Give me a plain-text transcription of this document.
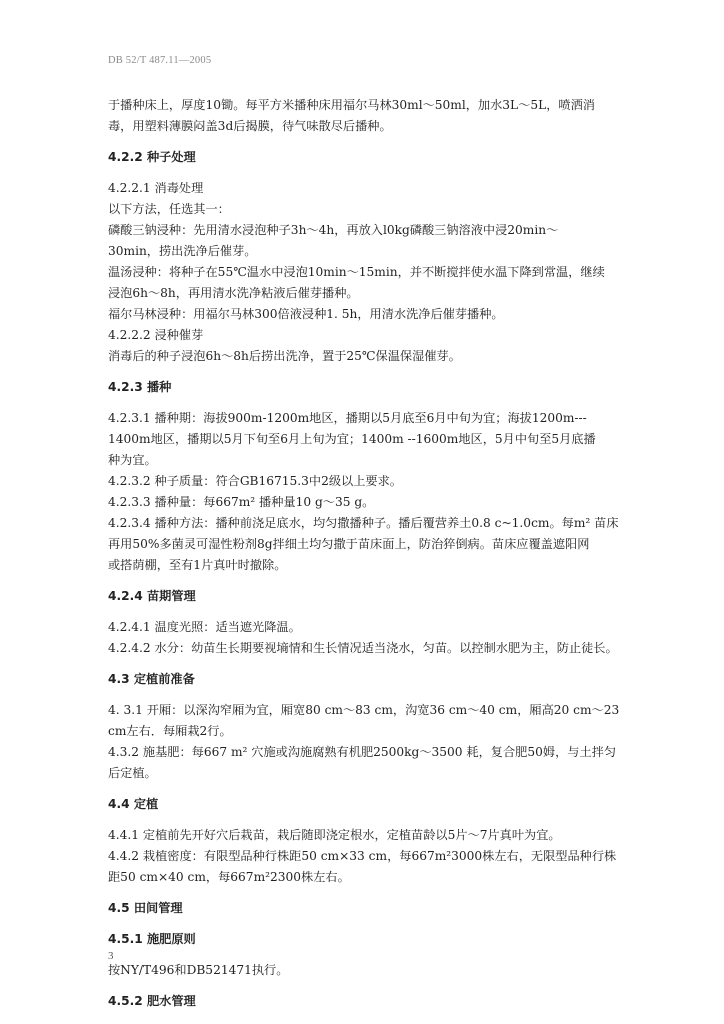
DB 52/T 487.11—2005

于播种床上，厚度10锄。每平方米播种床用福尔马林30ml～50ml，加水3L～5L，喷洒消

毒，用塑料薄膜闷盖3d后揭膜，待气味散尽后播种。

4.2.2 种子处理

4.2.2.1 消毒处理

以下方法，任选其一：

磷酸三钠浸种：先用清水浸泡种子3h～4h，再放入l0kg磷酸三钠溶液中浸20min～

30min，捞出洗净后催芽。

温汤浸种：将种子在55℃温水中浸泡10min～15min，并不断搅拌使水温下降到常温，继续

浸泡6h～8h，再用清水洗净粘液后催芽播种。

福尔马林浸种：用福尔马林300倍液浸种1. 5h，用清水洗净后催芽播种。

4.2.2.2 浸种催芽

消毒后的种子浸泡6h～8h后捞出洗净，置于25℃保温保湿催芽。

4.2.3 播种

4.2.3.1 播种期：海拔900m-1200m地区，播期以5月底至6月中旬为宜；海拔1200m---

1400m地区，播期以5月下旬至6月上旬为宜；1400m --1600m地区，5月中旬至5月底播

种为宜。

4.2.3.2 种子质量：符合GB16715.3中2级以上要求。

4.2.3.3 播种量：每667m² 播种量10 g～35 g。

4.2.3.4 播种方法：播种前浇足底水，均匀撒播种子。播后覆营养土0.8 c~1.0cm。每m² 苗床

再用50%多菌灵可湿性粉剂8g拌细土均匀撒于苗床面上，防治猝倒病。苗床应覆盖遮阳网

或搭荫棚，至有1片真叶时撤除。

4.2.4 苗期管理

4.2.4.1 温度光照：适当遮光降温。

4.2.4.2 水分：幼苗生长期要视墒情和生长情况适当浇水，匀苗。以控制水肥为主，防止徒长。

4.3 定植前准备

4. 3.1 开厢：以深沟窄厢为宜，厢宽80 cm～83 cm，沟宽36 cm～40 cm，厢高20 cm～23

cm左右．每厢栽2行。

4.3.2 施基肥：每667 m² 穴施或沟施腐熟有机肥2500kg～3500 耗，复合肥50姆，与土拌匀

后定植。

4.4 定植

4.4.1 定植前先开好穴后栽苗，栽后随即浇定根水，定植苗龄以5片～7片真叶为宜。

4.4.2 栽植密度：有限型品种行株距50 cm×33 cm，每667m²3000株左右，无限型品种行株

距50 cm×40 cm，每667m²2300株左右。

4.5 田间管理

4.5.1 施肥原则

按NY/T496和DB521471执行。

4.5.2 肥水管理

3
